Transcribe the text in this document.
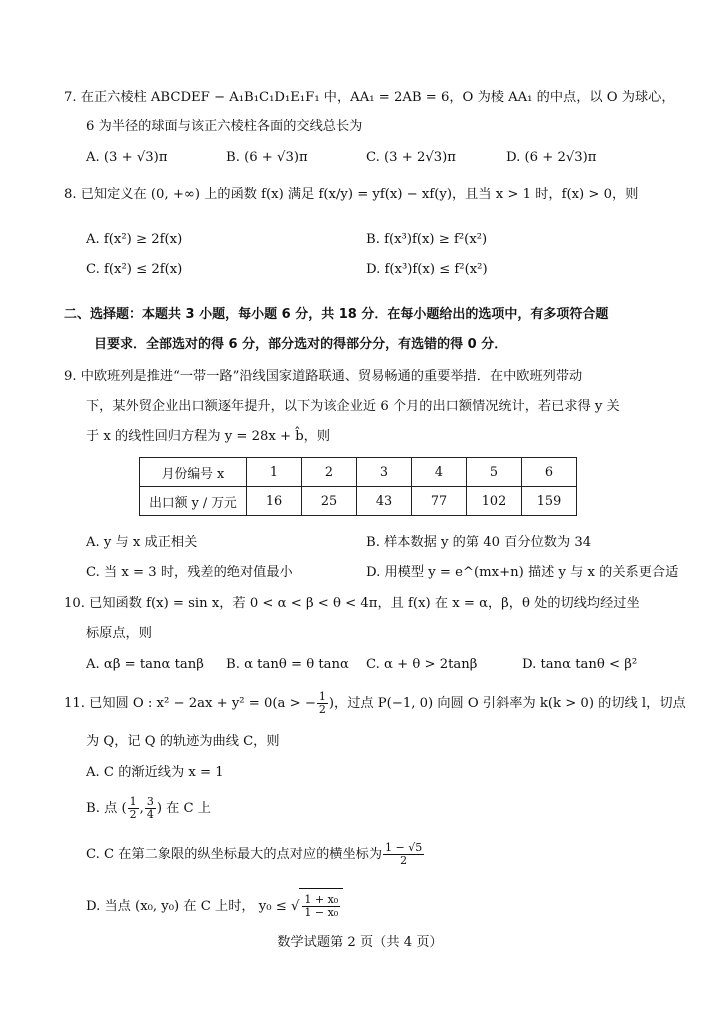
7. 在正六棱柱 ABCDEF − A₁B₁C₁D₁E₁F₁ 中，AA₁ = 2AB = 6，O 为棱 AA₁ 的中点，以 O 为球心，
6 为半径的球面与该正六棱柱各面的交线总长为
A. (3 + √3)π	B. (6 + √3)π	C. (3 + 2√3)π	D. (6 + 2√3)π
8. 已知定义在 (0, +∞) 上的函数 f(x) 满足 f(x/y) = yf(x) − xf(y)，且当 x > 1 时，f(x) > 0，则
A. f(x²) ≥ 2f(x)	B. f(x³)f(x) ≥ f²(x²)
C. f(x²) ≤ 2f(x)	D. f(x³)f(x) ≤ f²(x²)
二、选择题：本题共 3 小题，每小题 6 分，共 18 分．在每小题给出的选项中，有多项符合题
目要求．全部选对的得 6 分，部分选对的得部分分，有选错的得 0 分．
9. 中欧班列是推进“一带一路”沿线国家道路联通、贸易畅通的重要举措．在中欧班列带动
下，某外贸企业出口额逐年提升，以下为该企业近 6 个月的出口额情况统计，若已求得 y 关
于 x 的线性回归方程为 y = 28x + b̂，则
月份编号 x	1	2	3	4	5	6
出口额 y / 万元	16	25	43	77	102	159
A. y 与 x 成正相关	B. 样本数据 y 的第 40 百分位数为 34
C. 当 x = 3 时，残差的绝对值最小	D. 用模型 y = e^(mx+n) 描述 y 与 x 的关系更合适
10. 已知函数 f(x) = sin x，若 0 < α < β < θ < 4π，且 f(x) 在 x = α，β，θ 处的切线均经过坐
标原点，则
A. αβ = tanα tanβ B. α tanθ = θ tanα C. α + θ > 2tanβ	D. tanα tanθ < β²
11. 已知圆 O : x² − 2ax + y² = 0(a > − $\frac{1}{2}$ )，过点 P(−1, 0) 向圆 O 引斜率为 k(k > 0) 的切线 l，切点
为 Q，记 Q 的轨迹为曲线 C，则
A. C 的渐近线为 x = 1
B. 点 ( $\frac{1}{2}$ , $\frac{3}{4}$ ) 在 C 上
C. C 在第二象限的纵坐标最大的点对应的横坐标为 $\frac{1 - √5}{2}$
D. 当点 (x₀, y₀) 在 C 上时， y₀ ≤ √ $\frac{\text{1 + x₀}}{\text{1 − x₀}}$
数学试题第 2 页（共 4 页）
